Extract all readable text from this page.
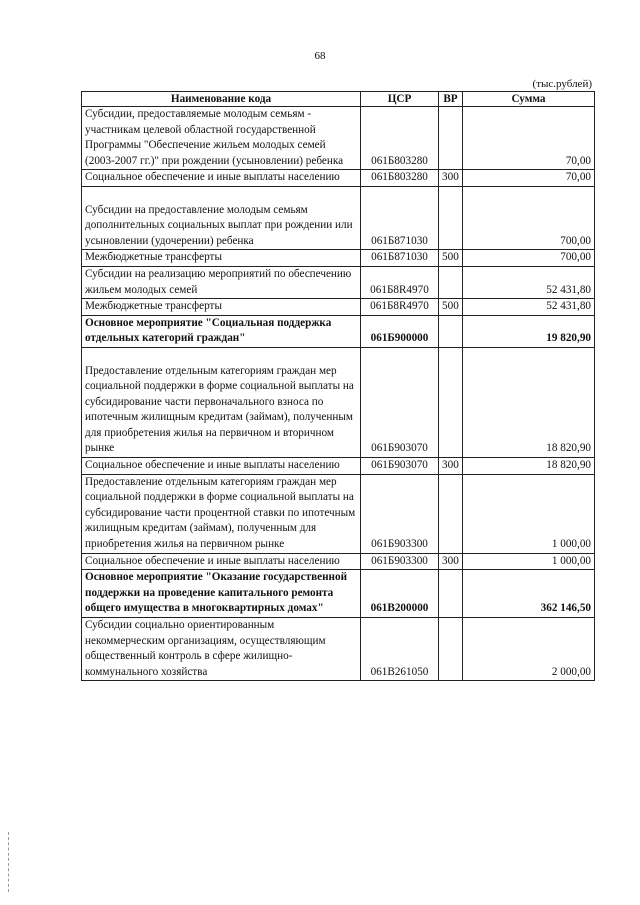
68
(тыс.рублей)
Наименование кода	ЦСР	ВР	Сумма
Субсидии, предоставляемые молодым семьям - участникам целевой областной государственной Программы "Обеспечение жильем молодых семей (2003-2007 гг.)" при рождении (усыновлении) ребенка	061Б803280		70,00
Социальное обеспечение и иные выплаты населению	061Б803280	300	70,00

Субсидии на предоставление молодым семьям дополнительных социальных выплат при рождении или усыновлении (удочерении) ребенка	061Б871030		700,00
Межбюджетные трансферты	061Б871030	500	700,00
Субсидии на реализацию мероприятий по обеспечению жильем молодых семей	061Б8R4970		52 431,80
Межбюджетные трансферты	061Б8R4970	500	52 431,80
Основное мероприятие "Социальная поддержка отдельных категорий граждан"	061Б900000		19 820,90

Предоставление отдельным категориям граждан мер социальной поддержки в форме социальной выплаты на субсидирование части первоначального взноса по ипотечным жилищным кредитам (займам), полученным для приобретения жилья на первичном и вторичном рынке	061Б903070		18 820,90
Социальное обеспечение и иные выплаты населению	061Б903070	300	18 820,90
Предоставление отдельным категориям граждан мер социальной поддержки в форме социальной выплаты на субсидирование части процентной ставки по ипотечным жилищным кредитам (займам), полученным для приобретения жилья на первичном рынке	061Б903300		1 000,00
Социальное обеспечение и иные выплаты населению	061Б903300	300	1 000,00
Основное мероприятие "Оказание государственной поддержки на проведение капитального ремонта общего имущества в многоквартирных домах"	061В200000		362 146,50
Субсидии социально ориентированным некоммерческим организациям, осуществляющим общественный контроль в сфере жилищно-коммунального хозяйства	061В261050		2 000,00
